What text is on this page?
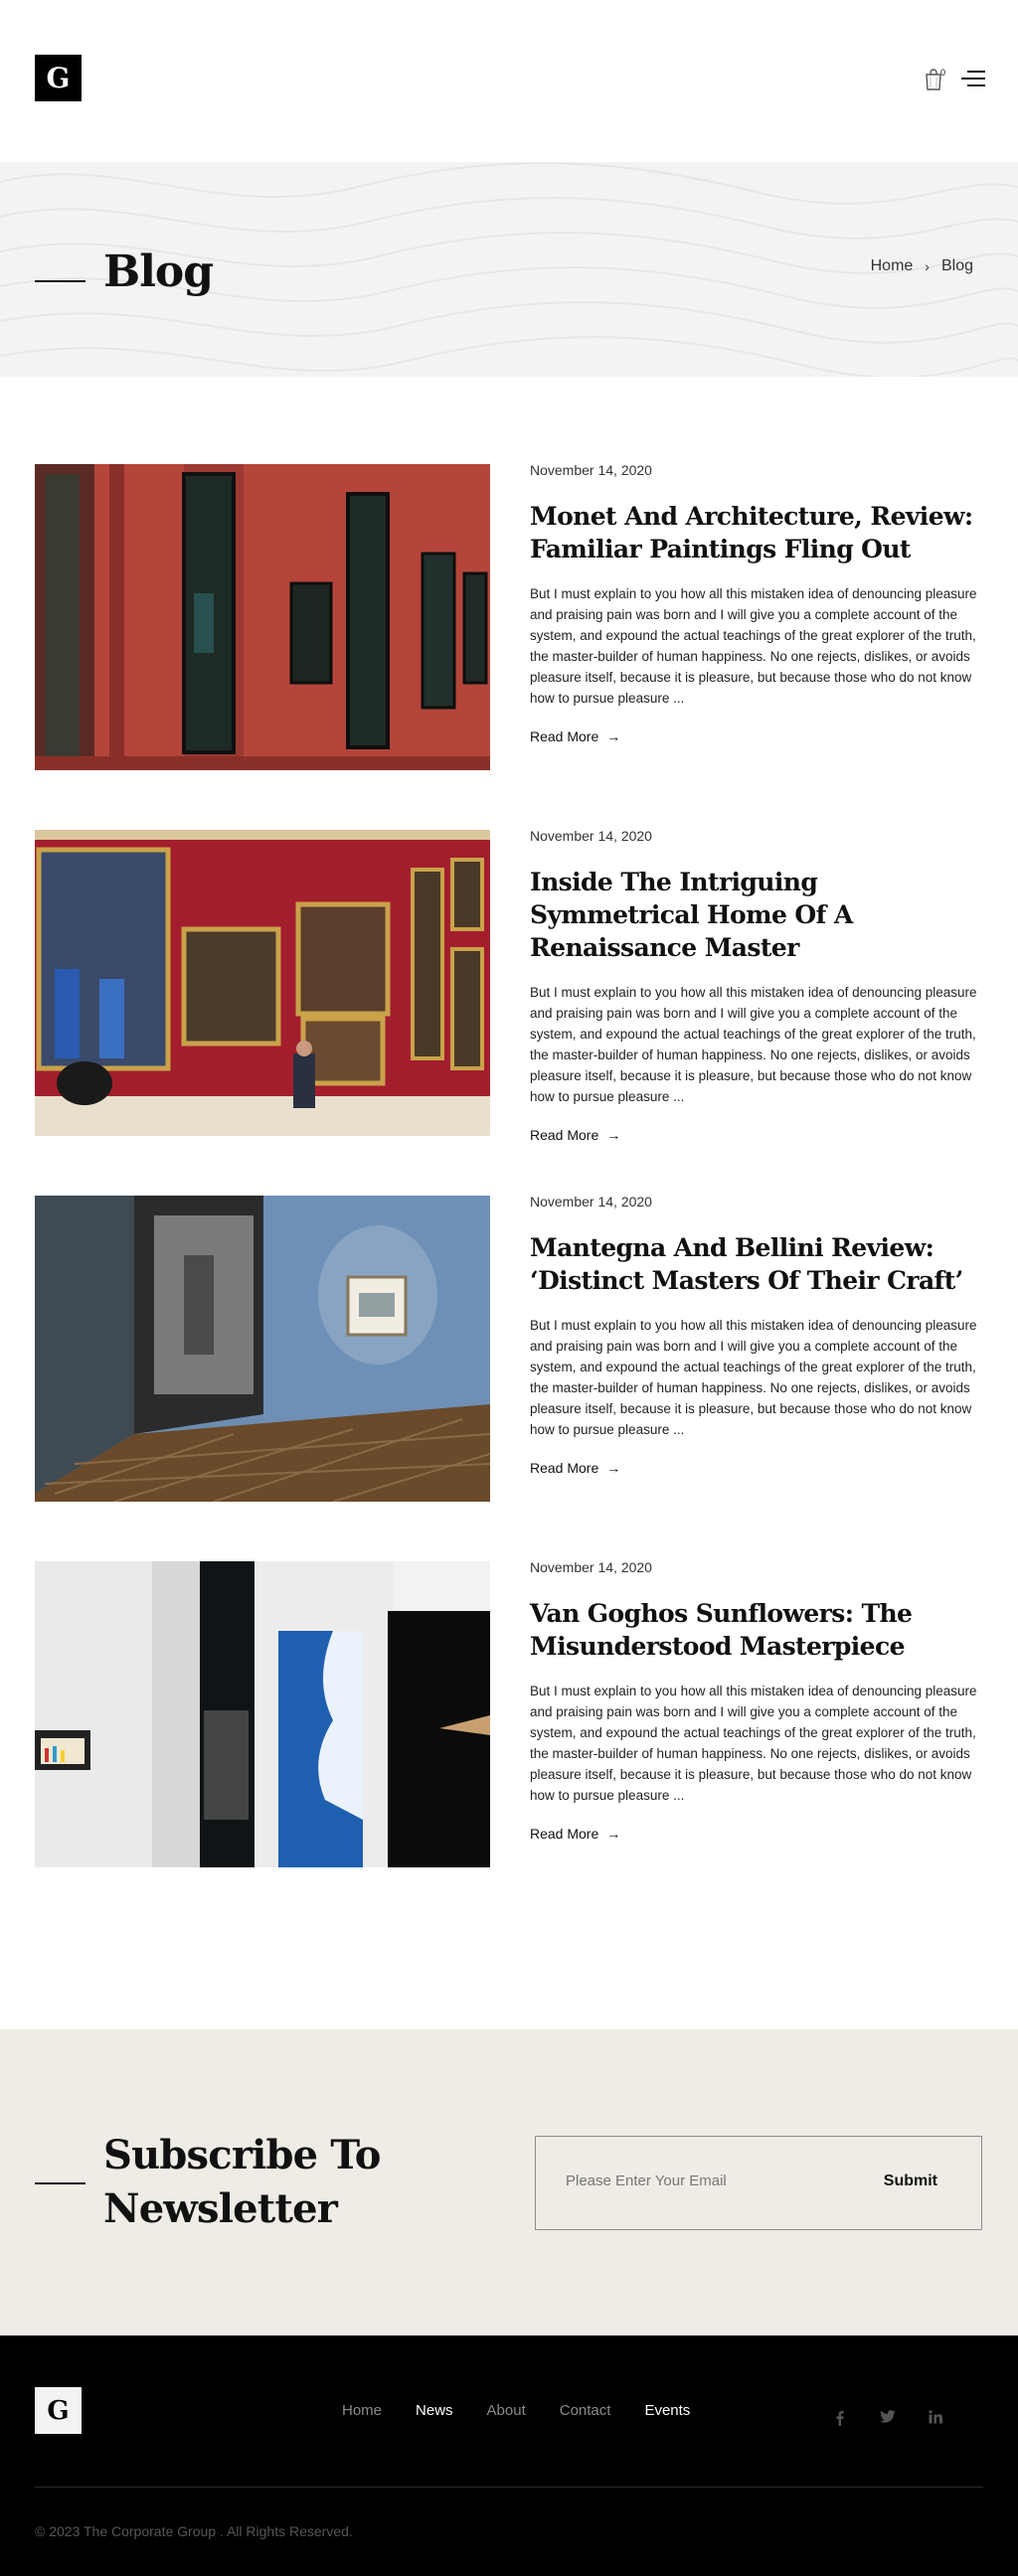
G	0
Blog	Home › Blog
November 14, 2020
Monet And Architecture, Review: Familiar Paintings Fling Out

But I must explain to you how all this mistaken idea of denouncing pleasure and praising pain was born and I will give you a complete account of the system, and expound the actual teachings of the great explorer of the truth, the master-builder of human happiness. No one rejects, dislikes, or avoids pleasure itself, because it is pleasure, but because those who do not know how to pursue pleasure ...

Read More →
November 14, 2020
Inside The Intriguing Symmetrical Home Of A Renaissance Master

But I must explain to you how all this mistaken idea of denouncing pleasure and praising pain was born and I will give you a complete account of the system, and expound the actual teachings of the great explorer of the truth, the master-builder of human happiness. No one rejects, dislikes, or avoids pleasure itself, because it is pleasure, but because those who do not know how to pursue pleasure ...

Read More →
November 14, 2020
Mantegna And Bellini Review: ‘Distinct Masters Of Their Craft’

But I must explain to you how all this mistaken idea of denouncing pleasure and praising pain was born and I will give you a complete account of the system, and expound the actual teachings of the great explorer of the truth, the master-builder of human happiness. No one rejects, dislikes, or avoids pleasure itself, because it is pleasure, but because those who do not know how to pursue pleasure ...

Read More →
November 14, 2020
Van Goghos Sunflowers: The Misunderstood Masterpiece

But I must explain to you how all this mistaken idea of denouncing pleasure and praising pain was born and I will give you a complete account of the system, and expound the actual teachings of the great explorer of the truth, the master-builder of human happiness. No one rejects, dislikes, or avoids pleasure itself, because it is pleasure, but because those who do not know how to pursue pleasure ...

Read More →
Subscribe To Newsletter
Please Enter Your Email
Submit
G	Home News About Contact Events
© 2023 The Corporate Group . All Rights Reserved.
